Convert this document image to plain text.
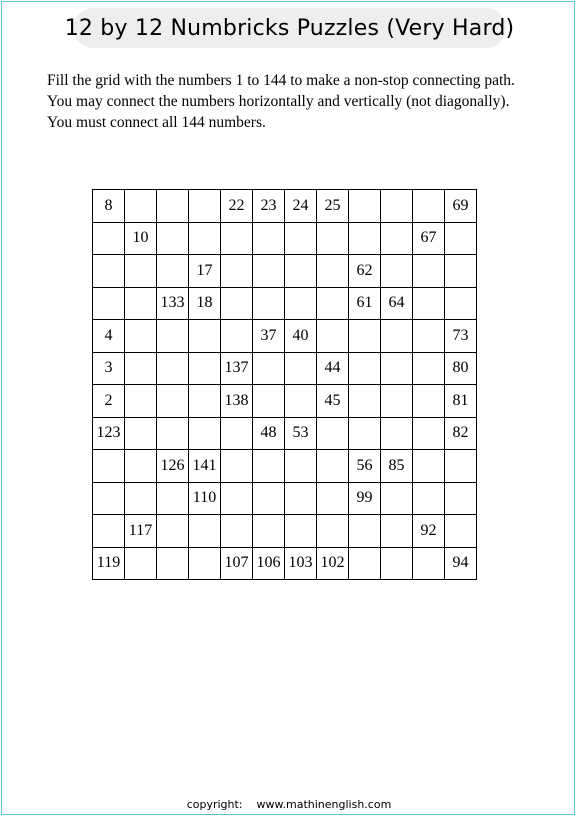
12 by 12 Numbricks Puzzles (Very Hard)
Fill the grid with the numbers 1 to 144 to make a non-stop connecting path.
You may connect the numbers horizontally and vertically (not diagonally).
You must connect all 144 numbers.
8				22	23	24	25				69
	10									67	
			17					62			
		133	18					61	64		
4					37	40					73
3				137			44				80
2				138			45				81
123					48	53					82
		126	141					56	85		
			110					99			
	117									92	
119				107	106	103	102				94
copyright: www.mathinenglish.com
